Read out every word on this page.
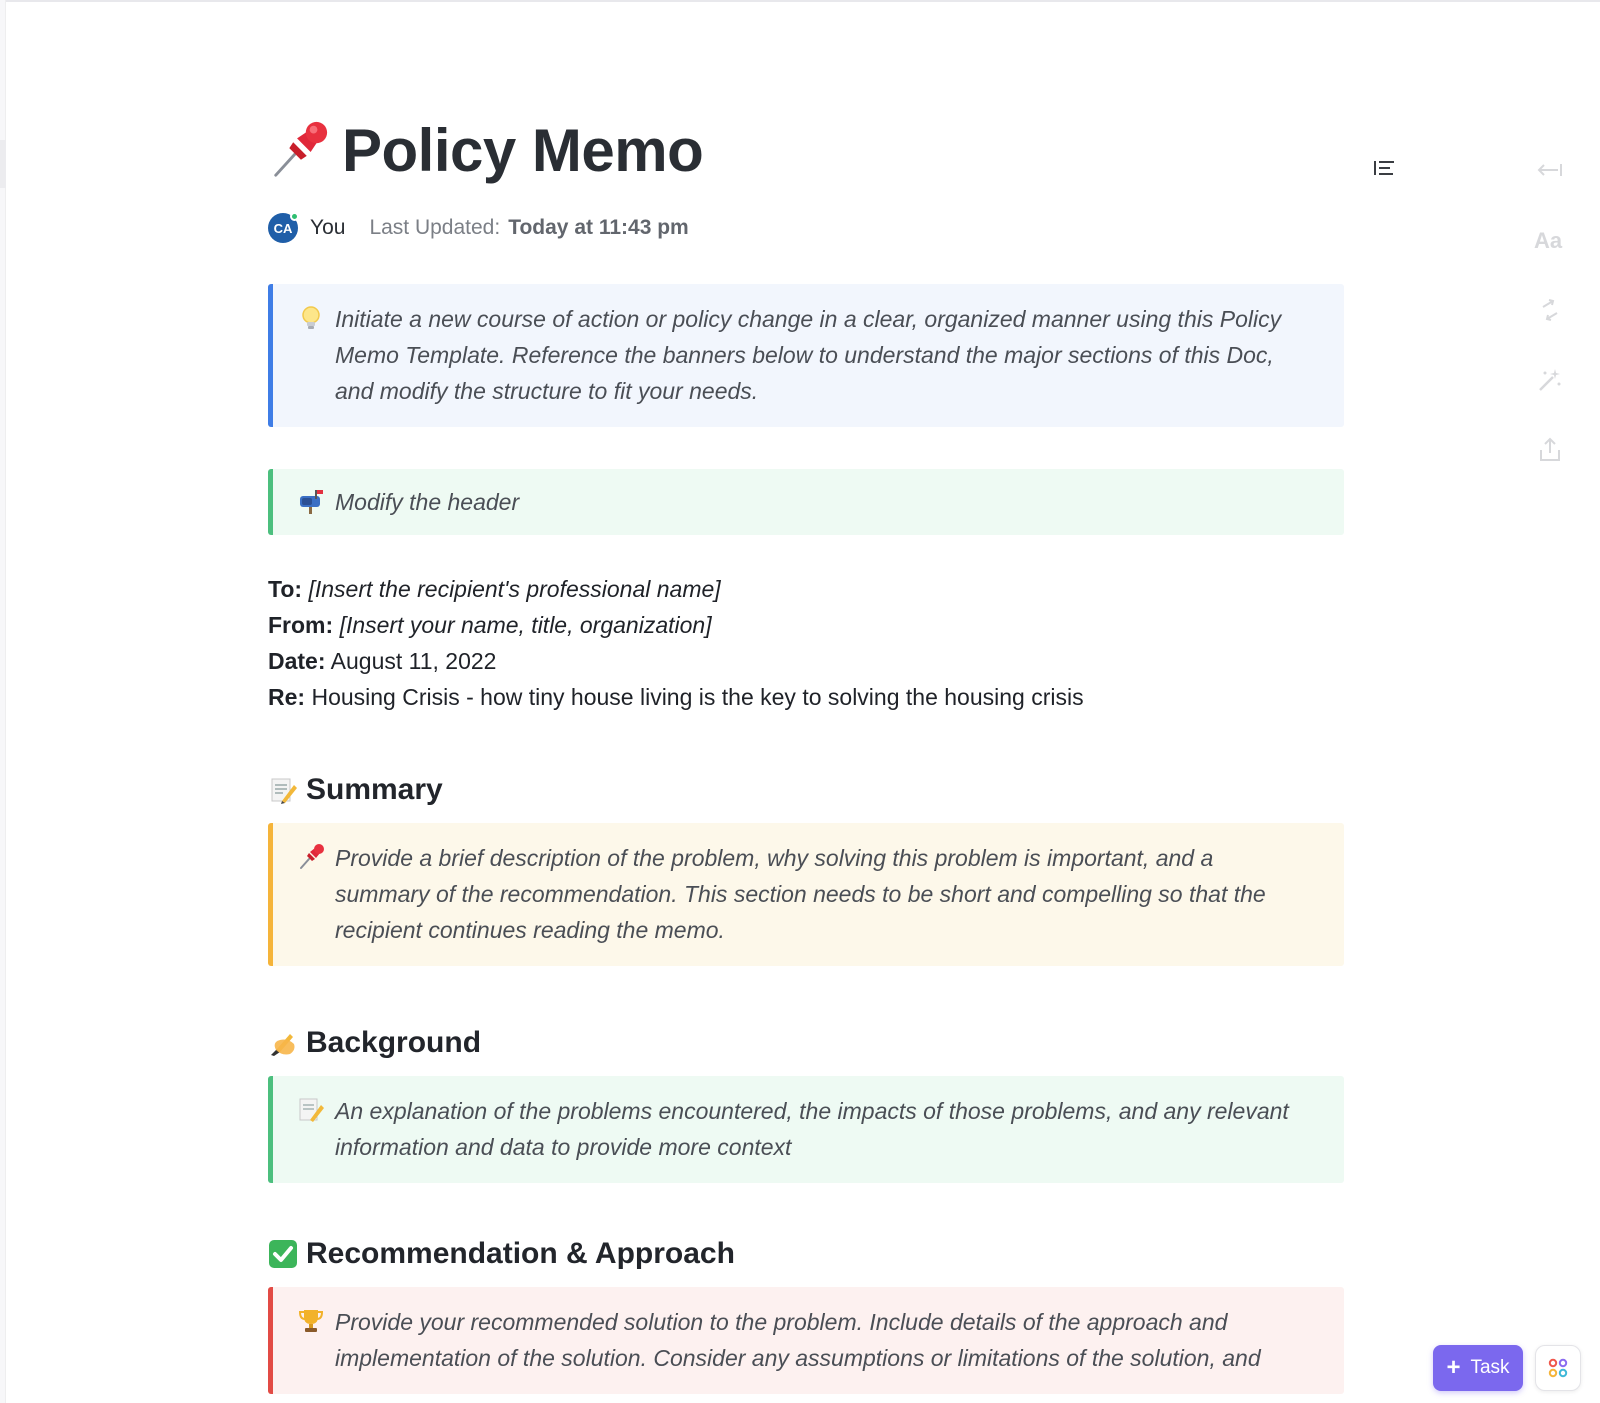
Policy Memo
CA You Last Updated: Today at 11:43 pm
Initiate a new course of action or policy change in a clear, organized manner using this Policy Memo Template. Reference the banners below to understand the major sections of this Doc, and modify the structure to fit your needs.
Modify the header
To: [Insert the recipient's professional name]
From: [Insert your name, title, organization]
Date: August 11, 2022
Re: Housing Crisis - how tiny house living is the key to solving the housing crisis
Summary
Provide a brief description of the problem, why solving this problem is important, and a summary of the recommendation. This section needs to be short and compelling so that the recipient continues reading the memo.
Background
An explanation of the problems encountered, the impacts of those problems, and any relevant information and data to provide more context
Recommendation & Approach
Provide your recommended solution to the problem. Include details of the approach and implementation of the solution. Consider any assumptions or limitations of the solution, and
Aa
+ Task
